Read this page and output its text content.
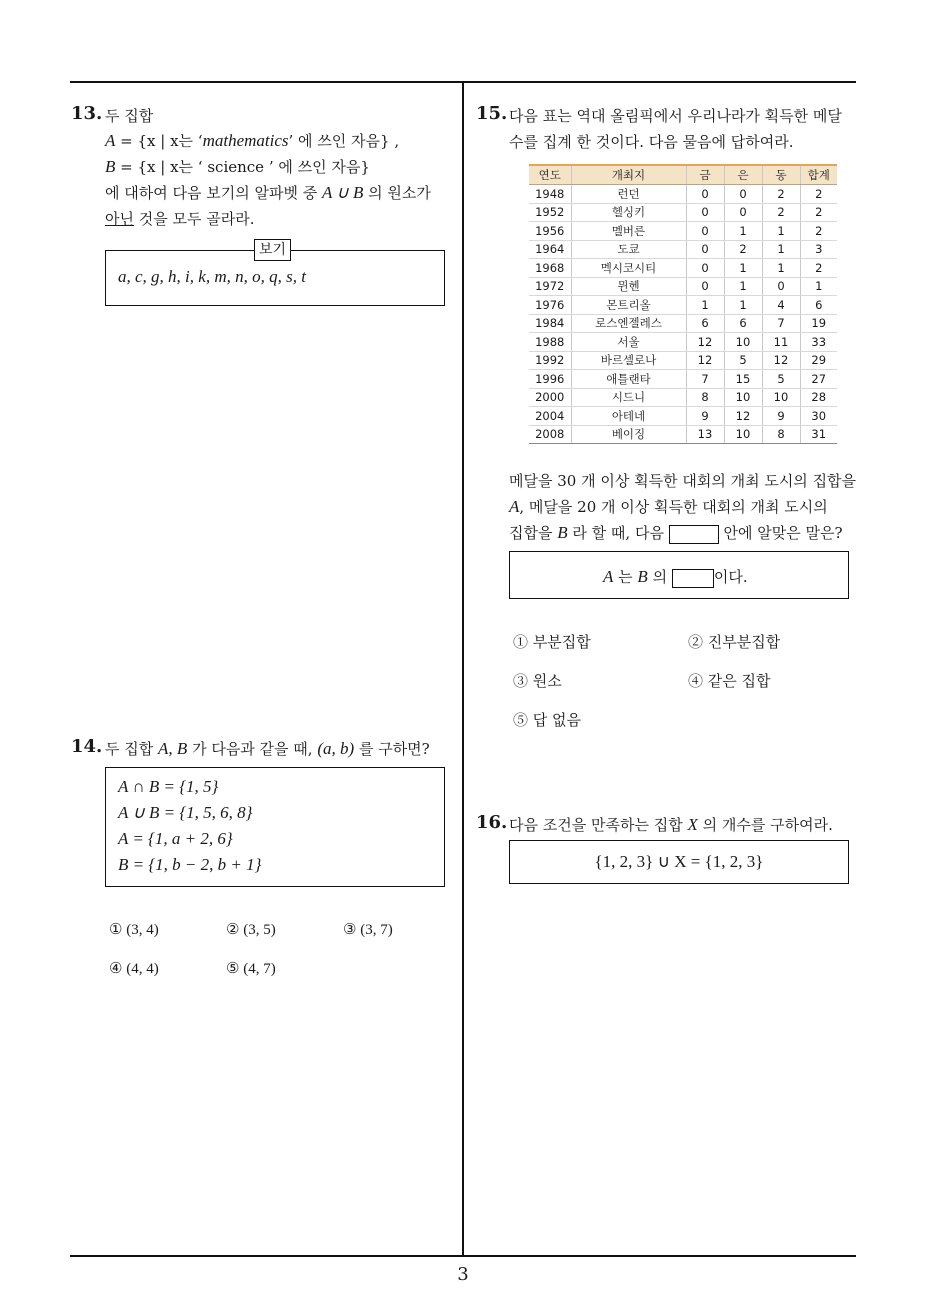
13. 두 집합
A = {x | x는 ‘mathematics’ 에 쓰인 자음} ,
B = {x | x는 ‘ science ’ 에 쓰인 자음}
에 대하여 다음 보기의 알파벳 중 A ∪ B 의 원소가
아닌 것을 모두 골라라.
a, c, g, h, i, k, m, n, o, q, s, t
보기
14. 두 집합 A, B 가 다음과 같을 때, (a, b) 를 구하면?
A ∩ B = {1, 5}
A ∪ B = {1, 5, 6, 8}
A = {1, a + 2, 6}
B = {1, b − 2, b + 1}
① (3, 4)	② (3, 5)	③ (3, 7)
④ (4, 4)	⑤ (4, 7)
15. 다음 표는 역대 올림픽에서 우리나라가 획득한 메달
수를 집계 한 것이다. 다음 물음에 답하여라.
연도	개최지	금	은	동	합계
1948	런던	0	0	2	2
1952	헬싱키	0	0	2	2
1956	멜버른	0	1	1	2
1964	도쿄	0	2	1	3
1968	멕시코시티	0	1	1	2
1972	뮌헨	0	1	0	1
1976	몬트리올	1	1	4	6
1984	로스엔젤레스	6	6	7	19
1988	서울	12	10	11	33
1992	바르셀로나	12	5	12	29
1996	애틀랜타	7	15	5	27
2000	시드니	8	10	10	28
2004	아테네	9	12	9	30
2008	베이징	13	10	8	31
메달을 30 개 이상 획득한 대회의 개최 도시의 집합을
A, 메달을 20 개 이상 획득한 대회의 개최 도시의
집합을 B 라 할 때, 다음	안에 알맞은 말은?
A 는 B 의	이다.
① 부분집합	② 진부분집합
③ 원소	④ 같은 집합
⑤ 답 없음
16. 다음 조건을 만족하는 집합 X 의 개수를 구하여라.
{1, 2, 3} ∪ X = {1, 2, 3}
3
